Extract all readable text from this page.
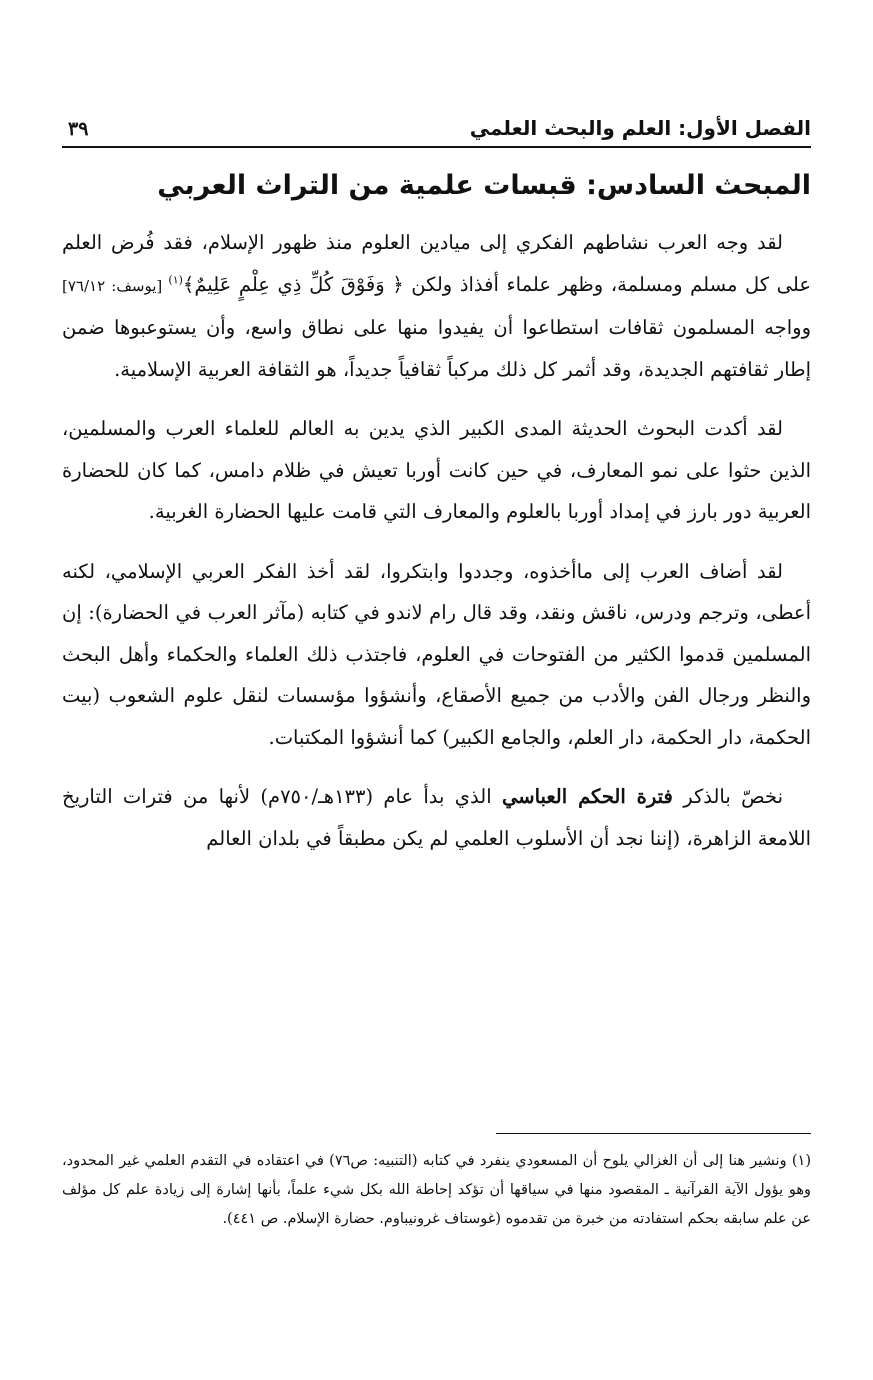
الفصل الأول: العلم والبحث العلمي
٣٩
المبحث السادس: قبسات علمية من التراث العربي

لقد وجه العرب نشاطهم الفكري إلى ميادين العلوم منذ ظهور الإسلام، فقد فُرض العلم على كل مسلم ومسلمة، وظهر علماء أفذاذ ولكن ﴿ وَفَوْقَ كُلِّ ذِي عِلْمٍ عَلِيمٌ﴾$^{(١)}$ [يوسف: ٧٦/١٢] وواجه المسلمون ثقافات استطاعوا أن يفيدوا منها على نطاق واسع، وأن يستوعبوها ضمن إطار ثقافتهم الجديدة، وقد أثمر كل ذلك مركباً ثقافياً جديداً، هو الثقافة العربية الإسلامية.

لقد أكدت البحوث الحديثة المدى الكبير الذي يدين به العالم للعلماء العرب والمسلمين، الذين حثوا على نمو المعارف، في حين كانت أوربا تعيش في ظلام دامس، كما كان للحضارة العربية دور بارز في إمداد أوربا بالعلوم والمعارف التي قامت عليها الحضارة الغربية.

لقد أضاف العرب إلى ماأخذوه، وجددوا وابتكروا، لقد أخذ الفكر العربي الإسلامي، لكنه أعطى، وترجم ودرس، ناقش ونقد، وقد قال رام لاندو في كتابه (مآثر العرب في الحضارة): إن المسلمين قدموا الكثير من الفتوحات في العلوم، فاجتذب ذلك العلماء والحكماء وأهل البحث والنظر ورجال الفن والأدب من جميع الأصقاع، وأنشؤوا مؤسسات لنقل علوم الشعوب (بيت الحكمة، دار الحكمة، دار العلم، والجامع الكبير) كما أنشؤوا المكتبات.

نخصّ بالذكر فترة الحكم العباسي الذي بدأ عام (١٣٣هـ/٧٥٠م) لأنها من فترات التاريخ اللامعة الزاهرة، (إننا نجد أن الأسلوب العلمي لم يكن مطبقاً في بلدان العالم

(١) ونشير هنا إلى أن الغزالي يلوح أن المسعودي ينفرد في كتابه (التنبيه: ص٧٦) في اعتقاده في التقدم العلمي غير المحدود، وهو يؤول الآية القرآنية ـ المقصود منها في سياقها أن تؤكد إحاطة الله بكل شيء علماً، بأنها إشارة إلى زيادة علم كل مؤلف عن علم سابقه بحكم استفادته من خبرة من تقدموه (غوستاف غرونيباوم. حضارة الإسلام. ص ٤٤١).
